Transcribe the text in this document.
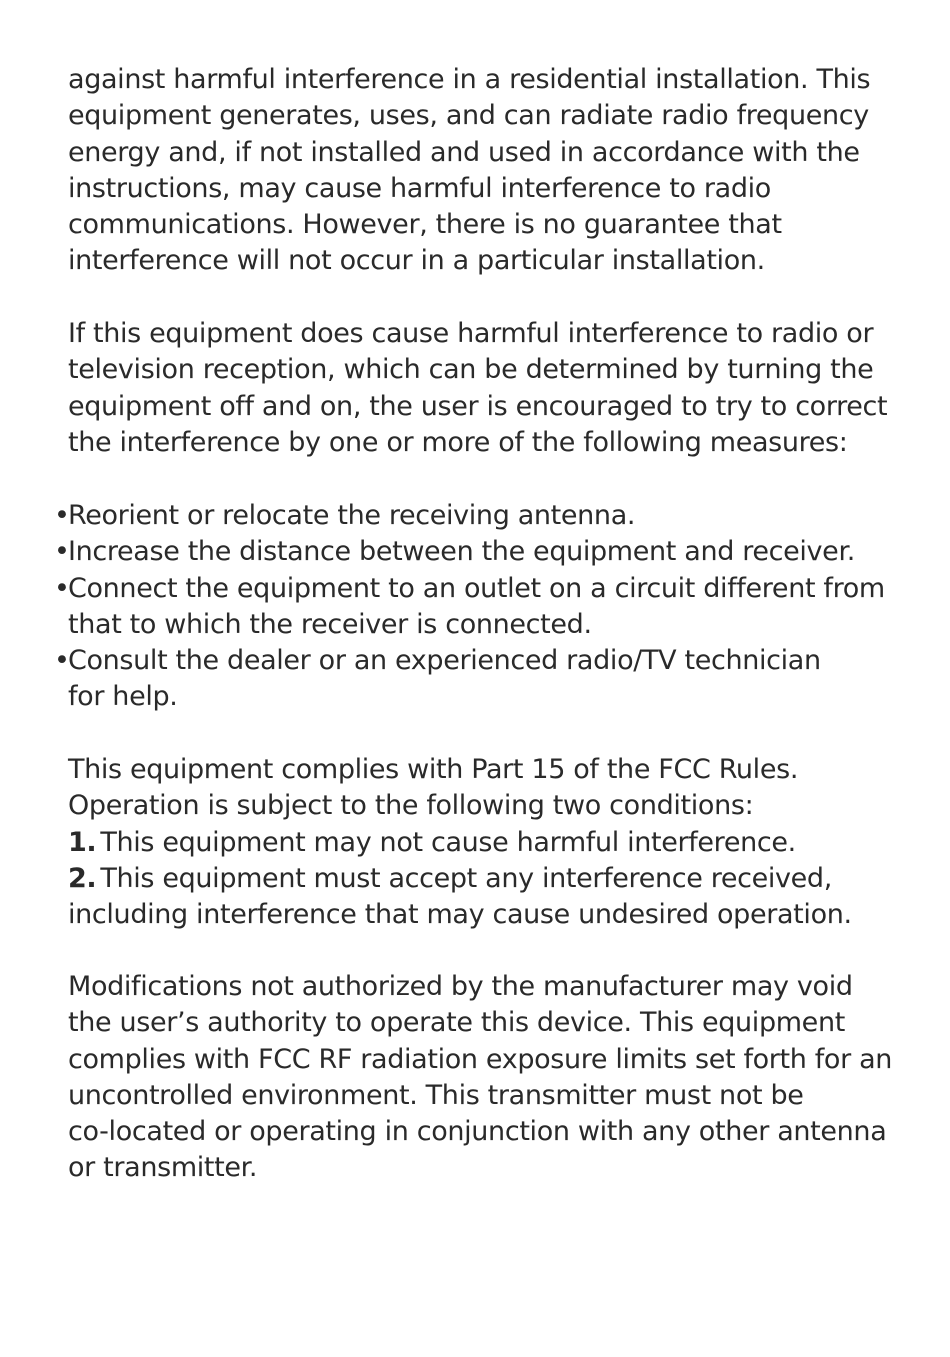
against harmful interference in a residential installation. This
equipment generates, uses, and can radiate radio frequency
energy and, if not installed and used in accordance with the
instructions, may cause harmful interference to radio
communications. However, there is no guarantee that
interference will not occur in a particular installation.

If this equipment does cause harmful interference to radio or
television reception, which can be determined by turning the
equipment off and on, the user is encouraged to try to correct
the interference by one or more of the following measures:

•
Reorient or relocate the receiving antenna.
•
Increase the distance between the equipment and receiver.
•
Connect the equipment to an outlet on a circuit different from
that to which the receiver is connected.
•
Consult the dealer or an experienced radio/TV technician
for help.
This equipment complies with Part 15 of the FCC Rules.
Operation is subject to the following two conditions:
1. This equipment may not cause harmful interference.
2. This equipment must accept any interference received,
including interference that may cause undesired operation.

Modifications not authorized by the manufacturer may void
the user’s authority to operate this device. This equipment
complies with FCC RF radiation exposure limits set forth for an
uncontrolled environment. This transmitter must not be
co-located or operating in conjunction with any other antenna
or transmitter.
